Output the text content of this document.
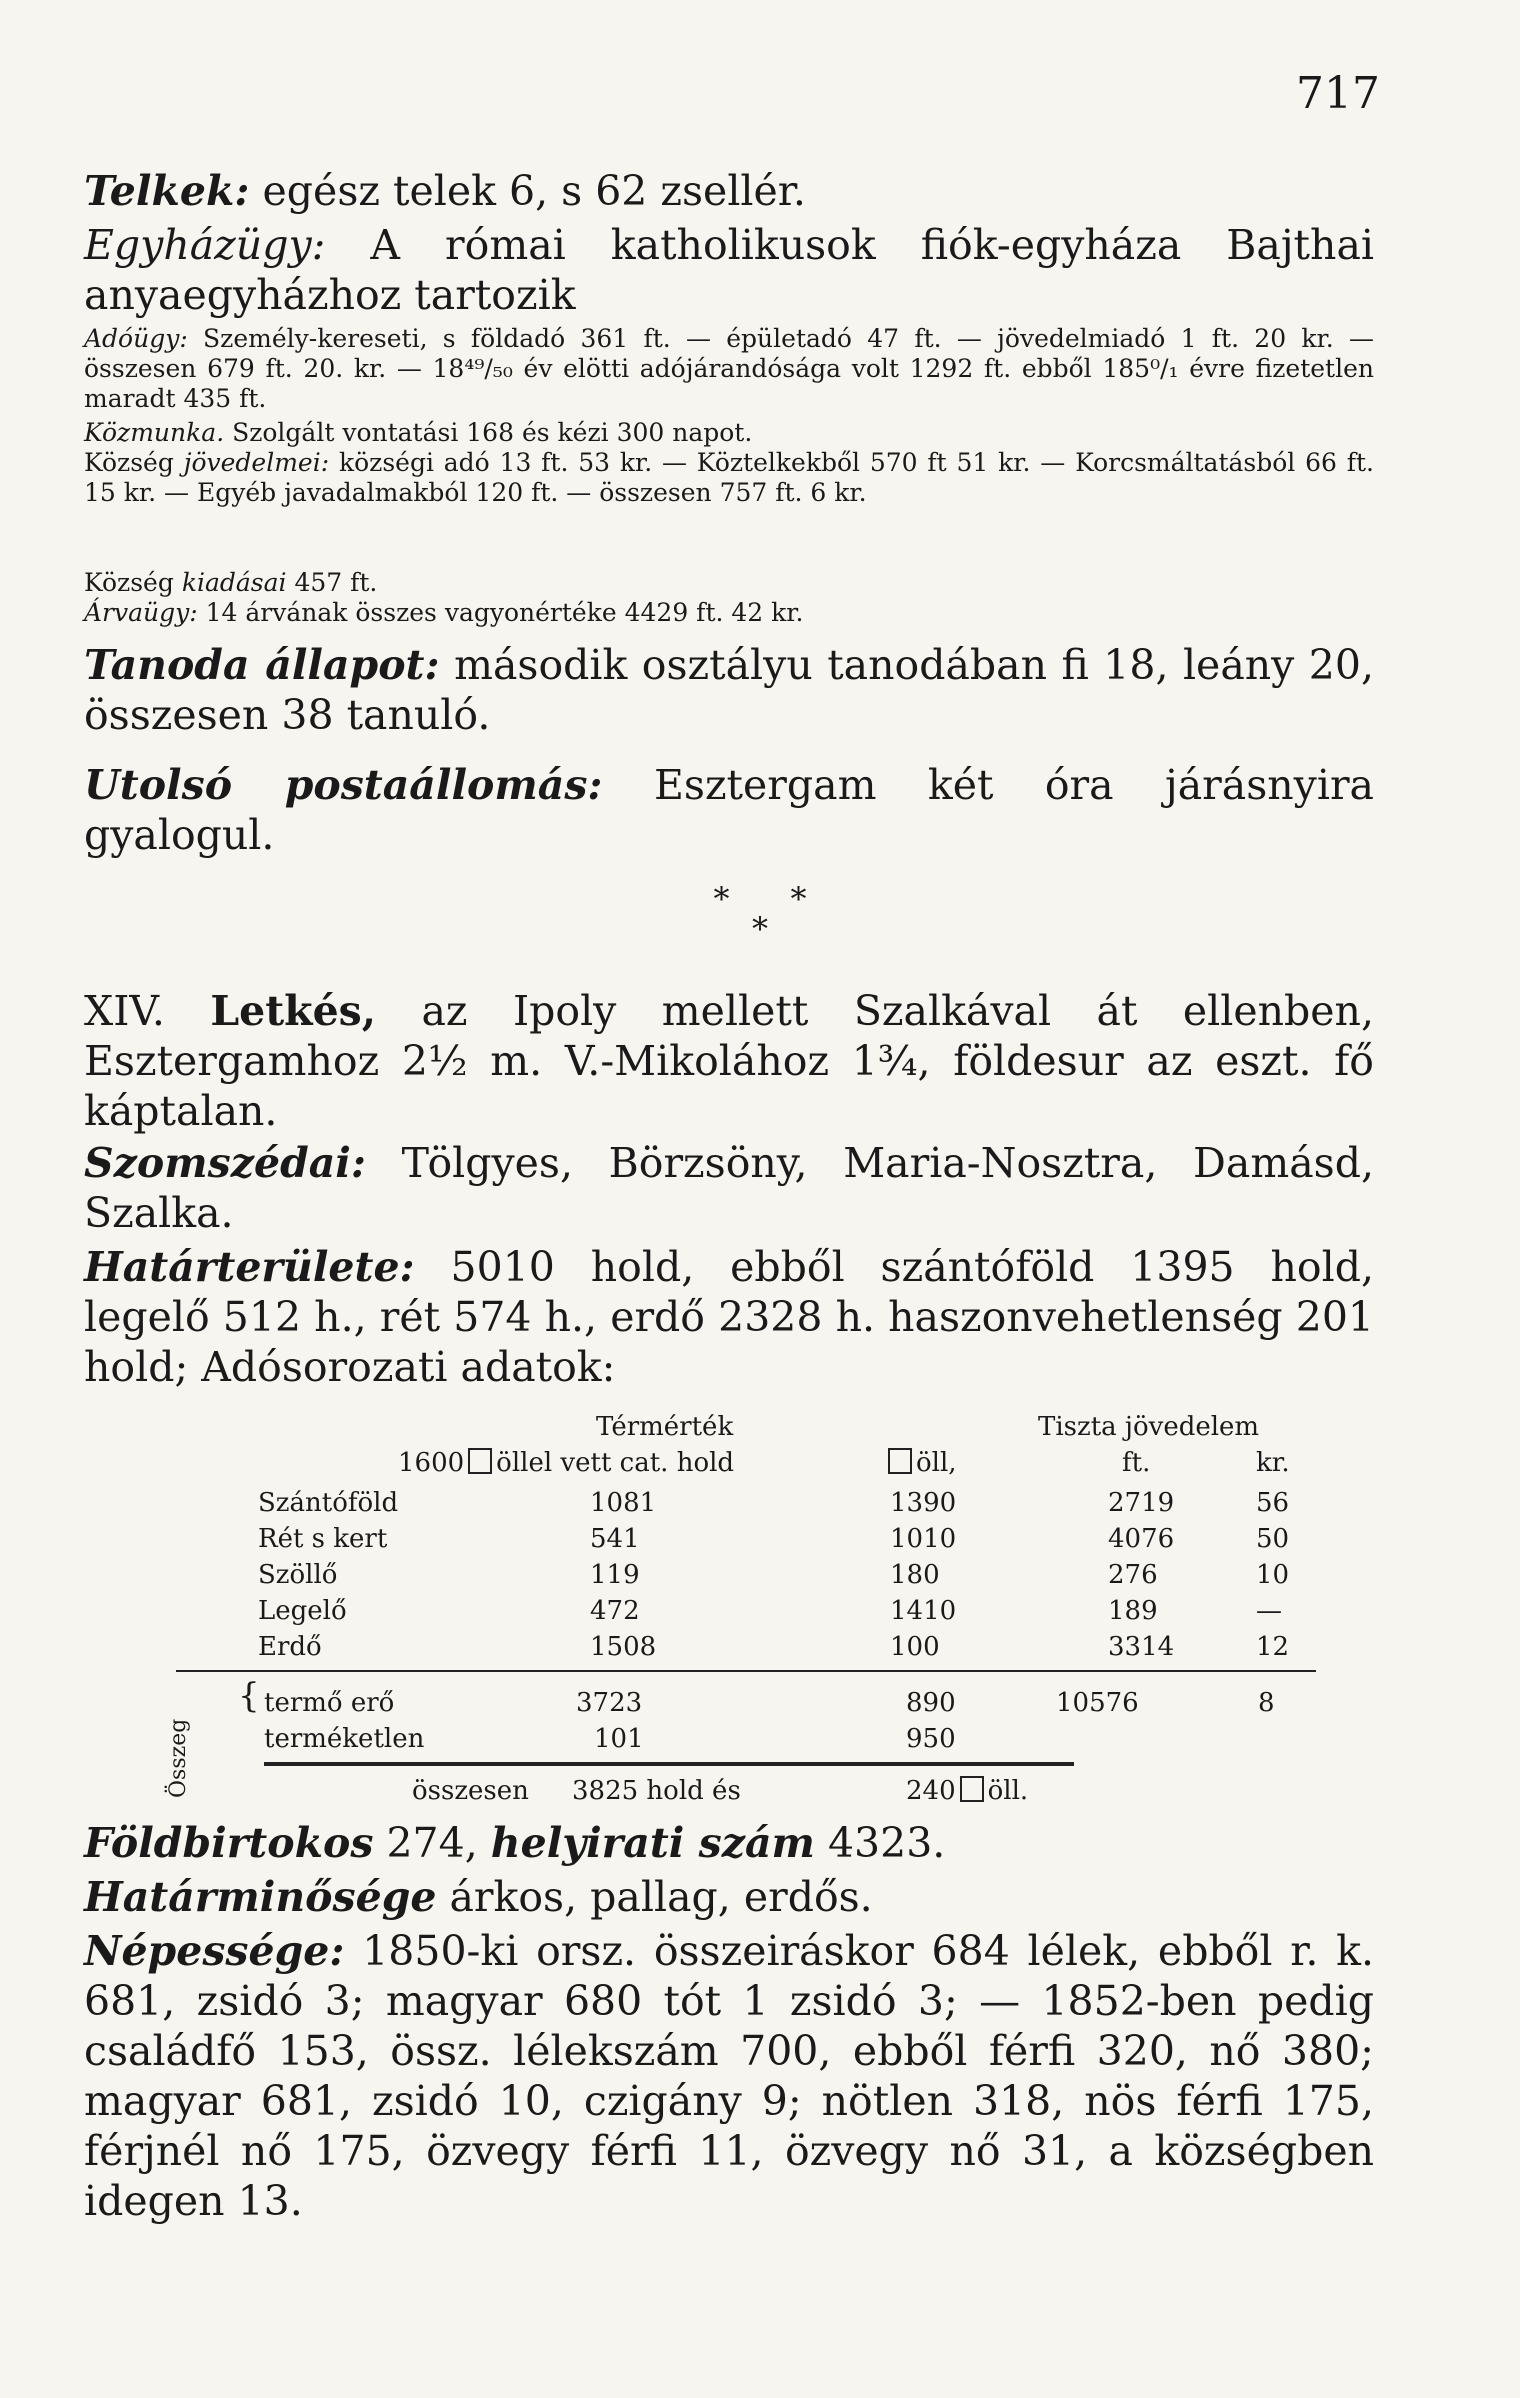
717

Telkek: egész telek 6, s 62 zsellér.

Egyházügy: A római katholikusok fiók-egyháza Bajthai anyaegyházhoz tartozik

Adóügy: Személy-kereseti, s földadó 361 ft. — épületadó 47 ft. — jövedelmiadó 1 ft. 20 kr. — összesen 679 ft. 20. kr. — 18⁴⁹/₅₀ év elötti adójárandósága volt 1292 ft. ebből 185⁰/₁ évre fizetetlen maradt 435 ft.

Közmunka. Szolgált vontatási 168 és kézi 300 napot.

Község jövedelmei: községi adó 13 ft. 53 kr. — Köztelkekből 570 ft 51 kr. — Korcsmáltatásból 66 ft. 15 kr. — Egyéb javadalmakból 120 ft. — összesen 757 ft. 6 kr.

Község kiadásai 457 ft.

Árvaügy: 14 árvának összes vagyonértéke 4429 ft. 42 kr.

Tanoda állapot: második osztályu tanodában fi 18, leány 20, összesen 38 tanuló.

Utolsó postaállomás: Esztergam két óra járásnyira gyalogul.

*      *
*

XIV. Letkés, az Ipoly mellett Szalkával át ellenben, Esztergamhoz 2½ m. V.-Mikolához 1¾, földesur az eszt. fő káptalan.

Szomszédai: Tölgyes, Börzsöny, Maria-Nosztra, Damásd, Szalka.

Határterülete: 5010 hold, ebből szántóföld 1395 hold, legelő 512 h., rét 574 h., erdő 2328 h. haszonvehetlenség 201 hold; Adósorozati adatok:

Térmérték	Tiszta jövedelem
1600 öllel vett cat. hold	öll,	ft.	kr.
Szántóföld	1081	1390	2719	56
Rét s kert	541	1010	4076	50
Szöllő	119	180	276	10
Legelő	472	1410	189	—
Erdő	1508	100	3314	12
Összeg
{ termő erő	3723	890	10576	8
terméketlen	101	950
összesen 3825 hold és	240 öll.

Földbirtokos 274, helyirati szám 4323.

Határminősége árkos, pallag, erdős.

Népessége: 1850-ki orsz. összeiráskor 684 lélek, ebből r. k. 681, zsidó 3; magyar 680 tót 1 zsidó 3; — 1852-ben pedig családfő 153, össz. lélekszám 700, ebből férfi 320, nő 380; magyar 681, zsidó 10, czigány 9; nötlen 318, nös férfi 175, férjnél nő 175, özvegy férfi 11, özvegy nő 31, a községben idegen 13.
